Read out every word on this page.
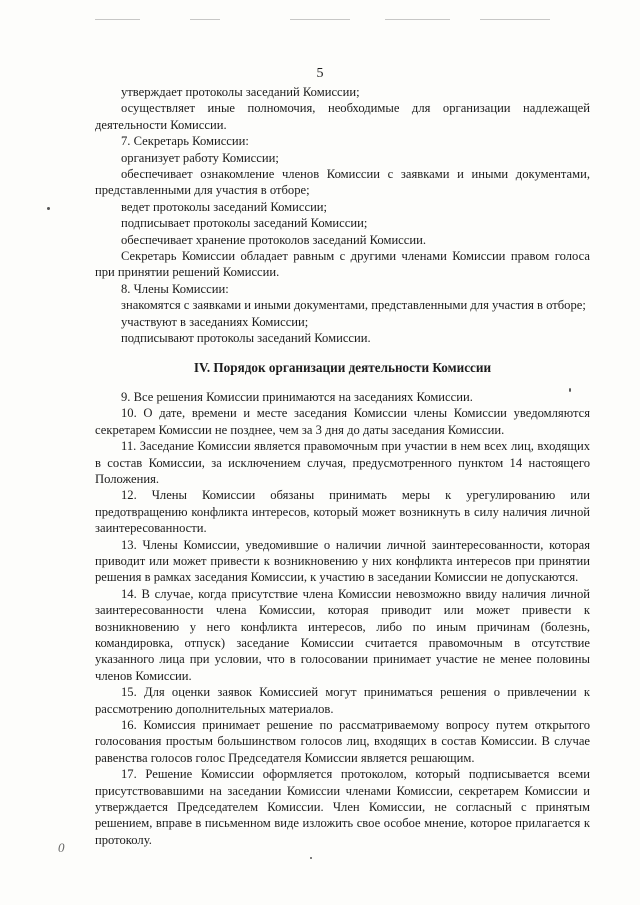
5

утверждает протоколы заседаний Комиссии;

осуществляет иные полномочия, необходимые для организации надлежащей деятельности Комиссии.

7. Секретарь Комиссии:

организует работу Комиссии;

обеспечивает ознакомление членов Комиссии с заявками и иными документами, представленными для участия в отборе;

ведет протоколы заседаний Комиссии;

подписывает протоколы заседаний Комиссии;

обеспечивает хранение протоколов заседаний Комиссии.

Секретарь Комиссии обладает равным с другими членами Комиссии правом голоса при принятии решений Комиссии.

8. Члены Комиссии:

знакомятся с заявками и иными документами, представленными для участия в отборе;

участвуют в заседаниях Комиссии;

подписывают протоколы заседаний Комиссии.

IV. Порядок организации деятельности Комиссии

9. Все решения Комиссии принимаются на заседаниях Комиссии.

10. О дате, времени и месте заседания Комиссии члены Комиссии уведомляются секретарем Комиссии не позднее, чем за 3 дня до даты заседания Комиссии.

11. Заседание Комиссии является правомочным при участии в нем всех лиц, входящих в состав Комиссии, за исключением случая, предусмотренного пунктом 14 настоящего Положения.

12. Члены Комиссии обязаны принимать меры к урегулированию или предотвращению конфликта интересов, который может возникнуть в силу наличия личной заинтересованности.

13. Члены Комиссии, уведомившие о наличии личной заинтересованности, которая приводит или может привести к возникновению у них конфликта интересов при принятии решения в рамках заседания Комиссии, к участию в заседании Комиссии не допускаются.

14. В случае, когда присутствие члена Комиссии невозможно ввиду наличия личной заинтересованности члена Комиссии, которая приводит или может привести к возникновению у него конфликта интересов, либо по иным причинам (болезнь, командировка, отпуск) заседание Комиссии считается правомочным в отсутствие указанного лица при условии, что в голосовании принимает участие не менее половины членов Комиссии.

15. Для оценки заявок Комиссией могут приниматься решения о привлечении к рассмотрению дополнительных материалов.

16. Комиссия принимает решение по рассматриваемому вопросу путем открытого голосования простым большинством голосов лиц, входящих в состав Комиссии. В случае равенства голосов голос Председателя Комиссии является решающим.

17. Решение Комиссии оформляется протоколом, который подписывается всеми присутствовавшими на заседании Комиссии членами Комиссии, секретарем Комиссии и утверждается Председателем Комиссии. Член Комиссии, не согласный с принятым решением, вправе в письменном виде изложить свое особое мнение, которое прилагается к протоколу.

0
